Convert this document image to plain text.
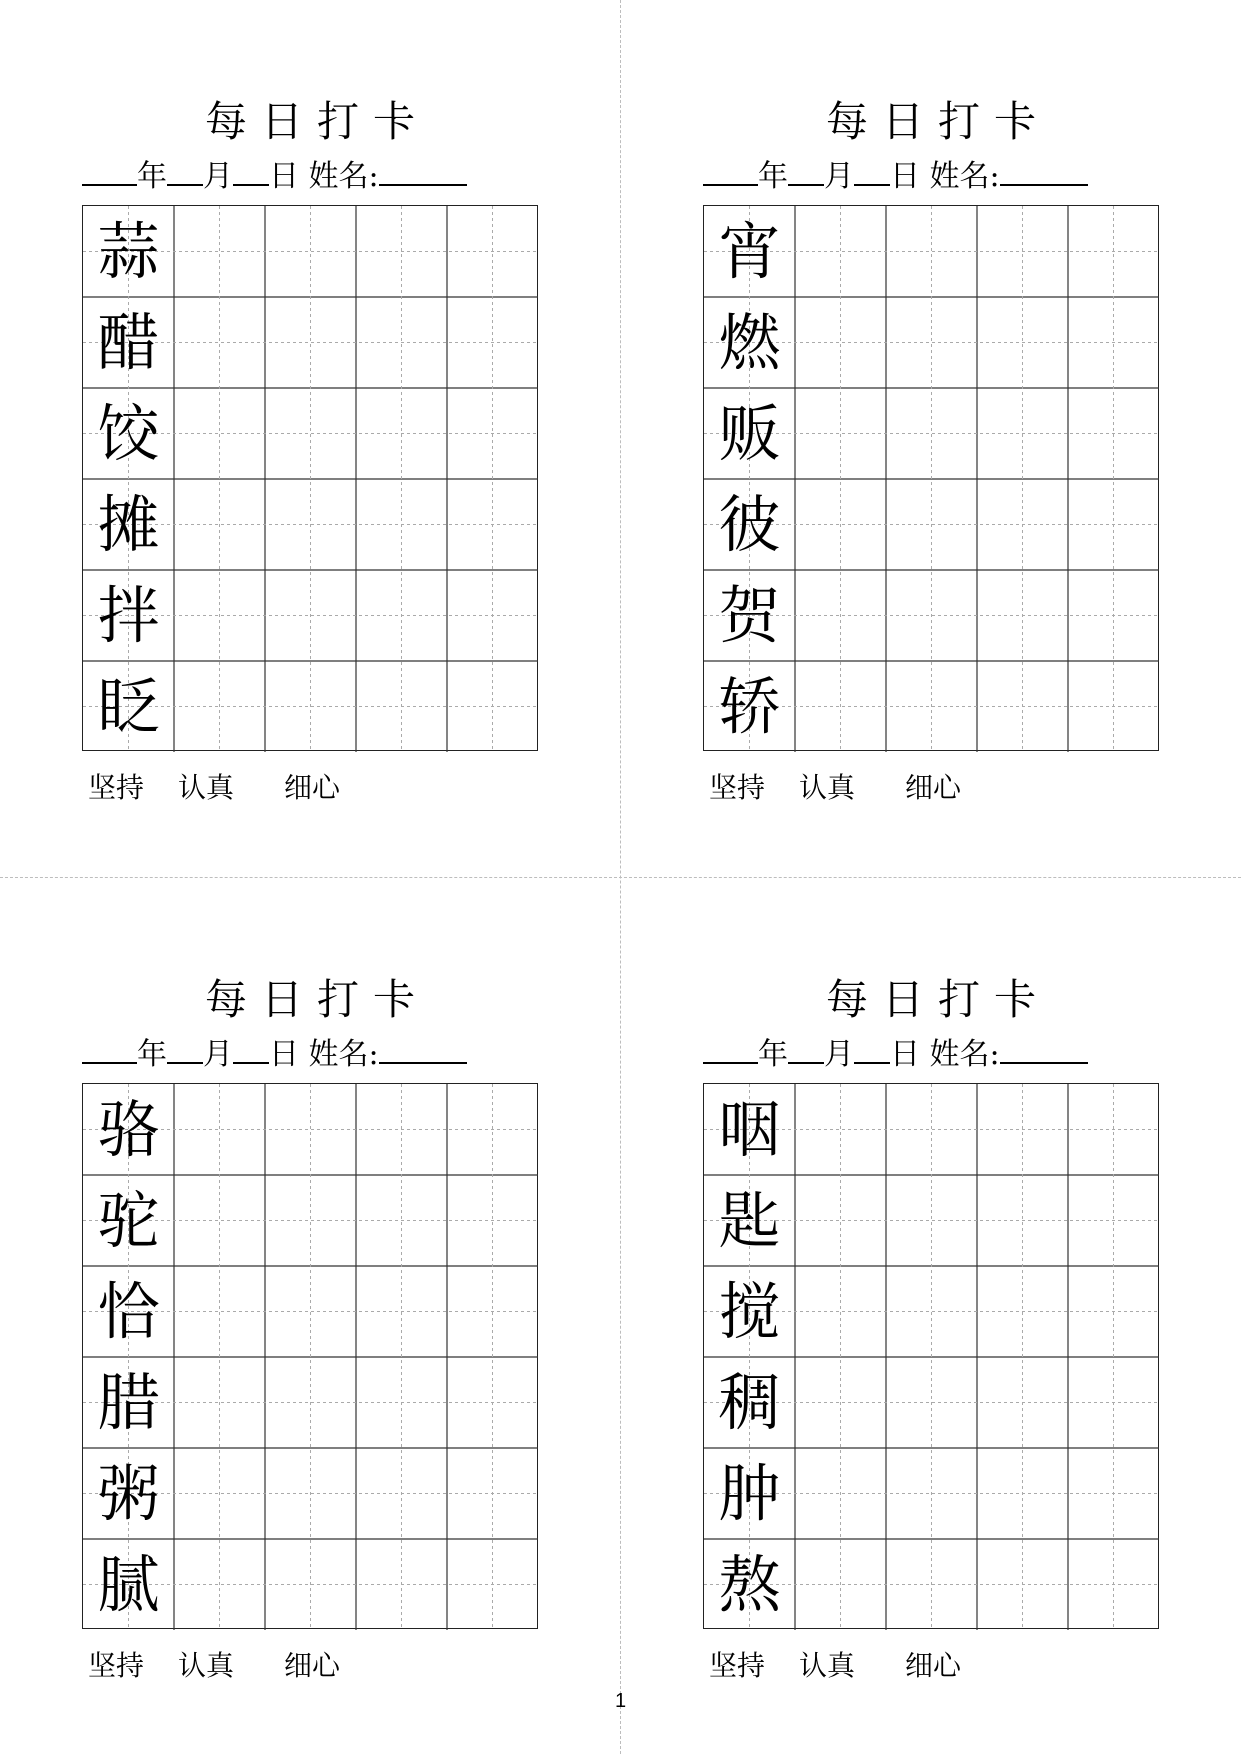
每日打卡
年 月 日 姓名:
蒜
醋
饺
摊
拌
眨
坚持 认真 细心
每日打卡
年 月 日 姓名:
宵
燃
贩
彼
贺
轿
坚持 认真 细心
每日打卡
年 月 日 姓名:
骆
驼
恰
腊
粥
腻
坚持 认真 细心
每日打卡
年 月 日 姓名:
咽
匙
搅
稠
肿
熬
坚持 认真 细心
1
